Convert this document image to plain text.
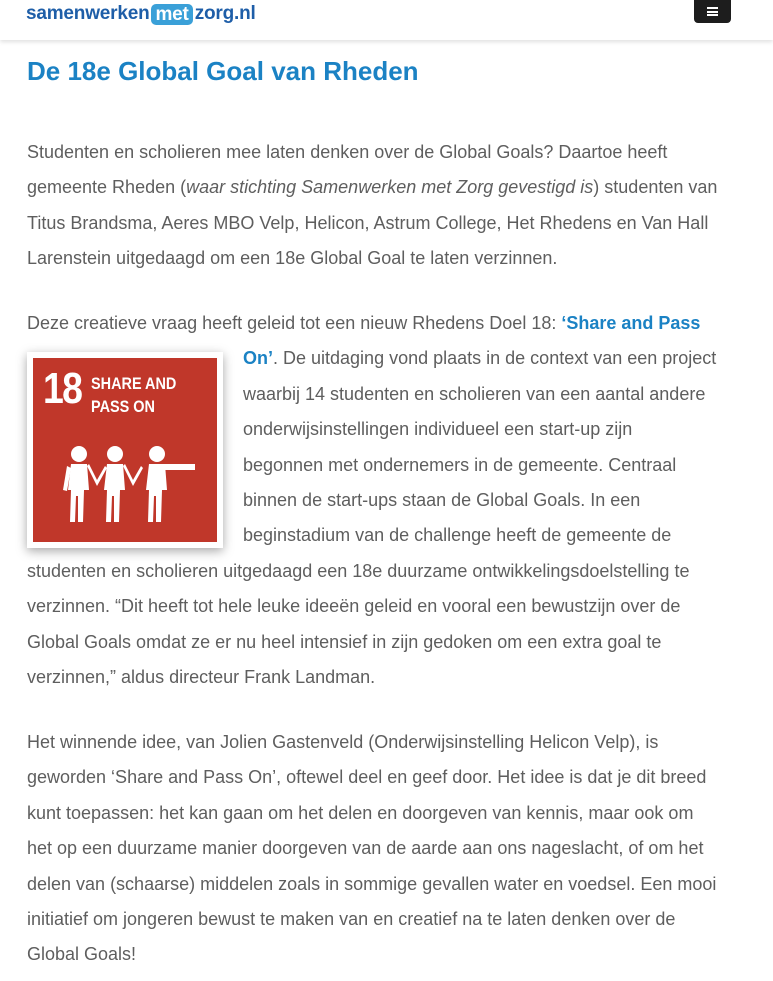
samenwerken met zorg.nl
De 18e Global Goal van Rheden
Studenten en scholieren mee laten denken over de Global Goals? Daartoe heeft
gemeente Rheden (waar stichting Samenwerken met Zorg gevestigd is) studenten van
Titus Brandsma, Aeres MBO Velp, Helicon, Astrum College, Het Rhedens en Van Hall
Larenstein uitgedaagd om een 18e Global Goal te laten verzinnen.
Deze creatieve vraag heeft geleid tot een nieuw Rhedens Doel 18: ‘Share and Pass
On’. De uitdaging vond plaats in de context van een project
waarbij 14 studenten en scholieren van een aantal andere
onderwijsinstellingen individueel een start-up zijn
begonnen met ondernemers in de gemeente. Centraal
binnen de start-ups staan de Global Goals. In een
beginstadium van de challenge heeft de gemeente de
studenten en scholieren uitgedaagd een 18e duurzame ontwikkelingsdoelstelling te
verzinnen. “Dit heeft tot hele leuke ideeën geleid en vooral een bewustzijn over de
Global Goals omdat ze er nu heel intensief in zijn gedoken om een extra goal te
verzinnen,” aldus directeur Frank Landman.
18 SHARE AND
PASS ON
Het winnende idee, van Jolien Gastenveld (Onderwijsinstelling Helicon Velp), is
geworden ‘Share and Pass On’, oftewel deel en geef door. Het idee is dat je dit breed
kunt toepassen: het kan gaan om het delen en doorgeven van kennis, maar ook om
het op een duurzame manier doorgeven van de aarde aan ons nageslacht, of om het
delen van (schaarse) middelen zoals in sommige gevallen water en voedsel. Een mooi
initiatief om jongeren bewust te maken van en creatief na te laten denken over de
Global Goals!
